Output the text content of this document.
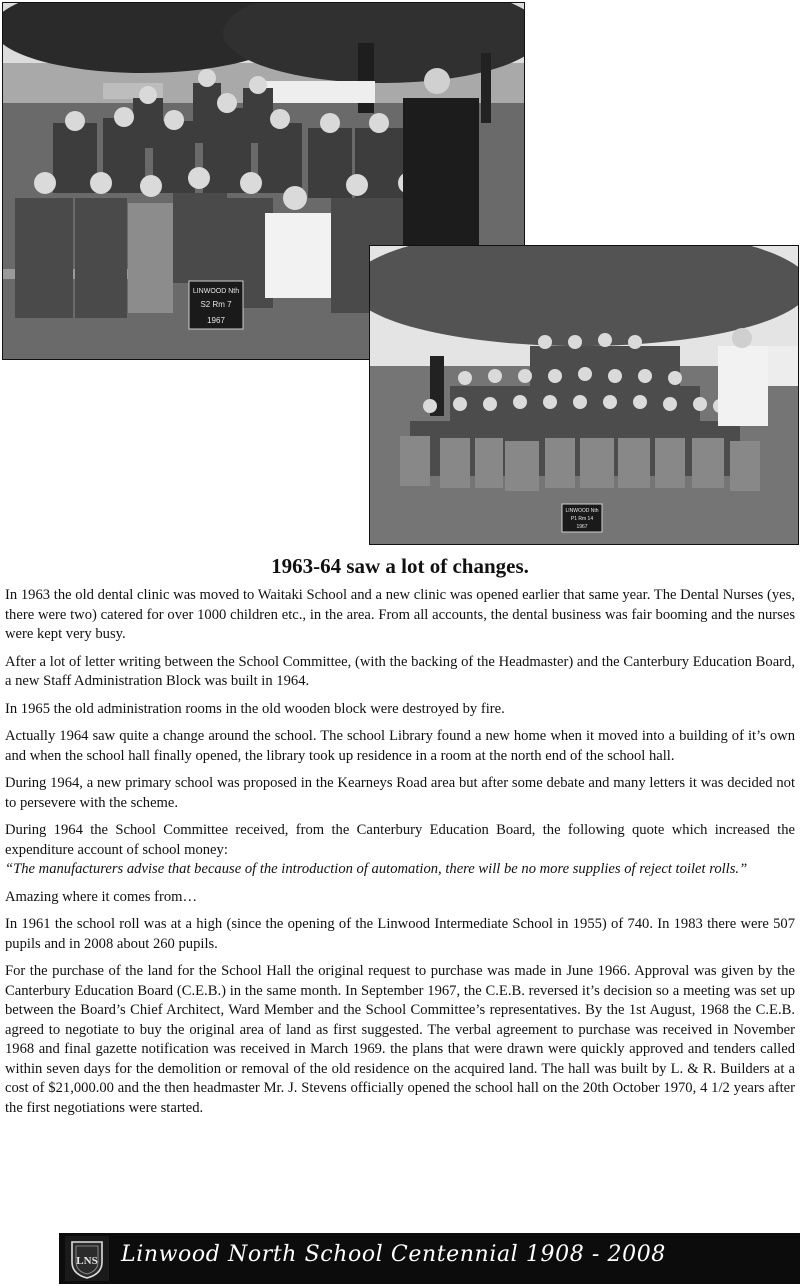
LINWOOD Nth
S2 Rm 7
1967
LINWOOD Nth
P1 Rm 14
1967
1963-64 saw a lot of changes.

In 1963 the old dental clinic was moved to Waitaki School and a new clinic was opened earlier that same year. The Dental Nurses (yes, there were two) catered for over 1000 children etc., in the area. From all accounts, the dental business was fair booming and the nurses were kept very busy.

After a lot of letter writing between the School Committee, (with the backing of the Headmaster) and the Canterbury Education Board, a new Staff Administration Block was built in 1964.

In 1965 the old administration rooms in the old wooden block were destroyed by fire.

Actually 1964 saw quite a change around the school. The school Library found a new home when it moved into a building of it’s own and when the school hall finally opened, the library took up residence in a room at the north end of the school hall.

During 1964, a new primary school was proposed in the Kearneys Road area but after some debate and many letters it was decided not to persevere with the scheme.

During 1964 the School Committee received, from the Canterbury Education Board, the following quote which increased the expenditure account of school money:

“The manufacturers advise that because of the introduction of automation, there will be no more supplies of reject toilet rolls.”

Amazing where it comes from…

In 1961 the school roll was at a high (since the opening of the Linwood Intermediate School in 1955) of 740. In 1983 there were 507 pupils and in 2008 about 260 pupils.

For the purchase of the land for the School Hall the original request to purchase was made in June 1966. Approval was given by the Canterbury Education Board (C.E.B.) in the same month. In September 1967, the C.E.B. reversed it’s decision so a meeting was set up between the Board’s Chief Architect, Ward Member and the School Committee’s representatives. By the 1st August, 1968 the C.E.B. agreed to negotiate to buy the original area of land as first suggested. The verbal agreement to purchase was received in November 1968 and final gazette notification was received in March 1969. the plans that were drawn were quickly approved and tenders called within seven days for the demolition or removal of the old residence on the acquired land. The hall was built by L. & R. Builders at a cost of $21,000.00 and the then headmaster Mr. J. Stevens officially opened the school hall on the 20th October 1970, 4 1/2 years after the first negotiations were started.

LNS Linwood North School Centennial 1908 - 2008
